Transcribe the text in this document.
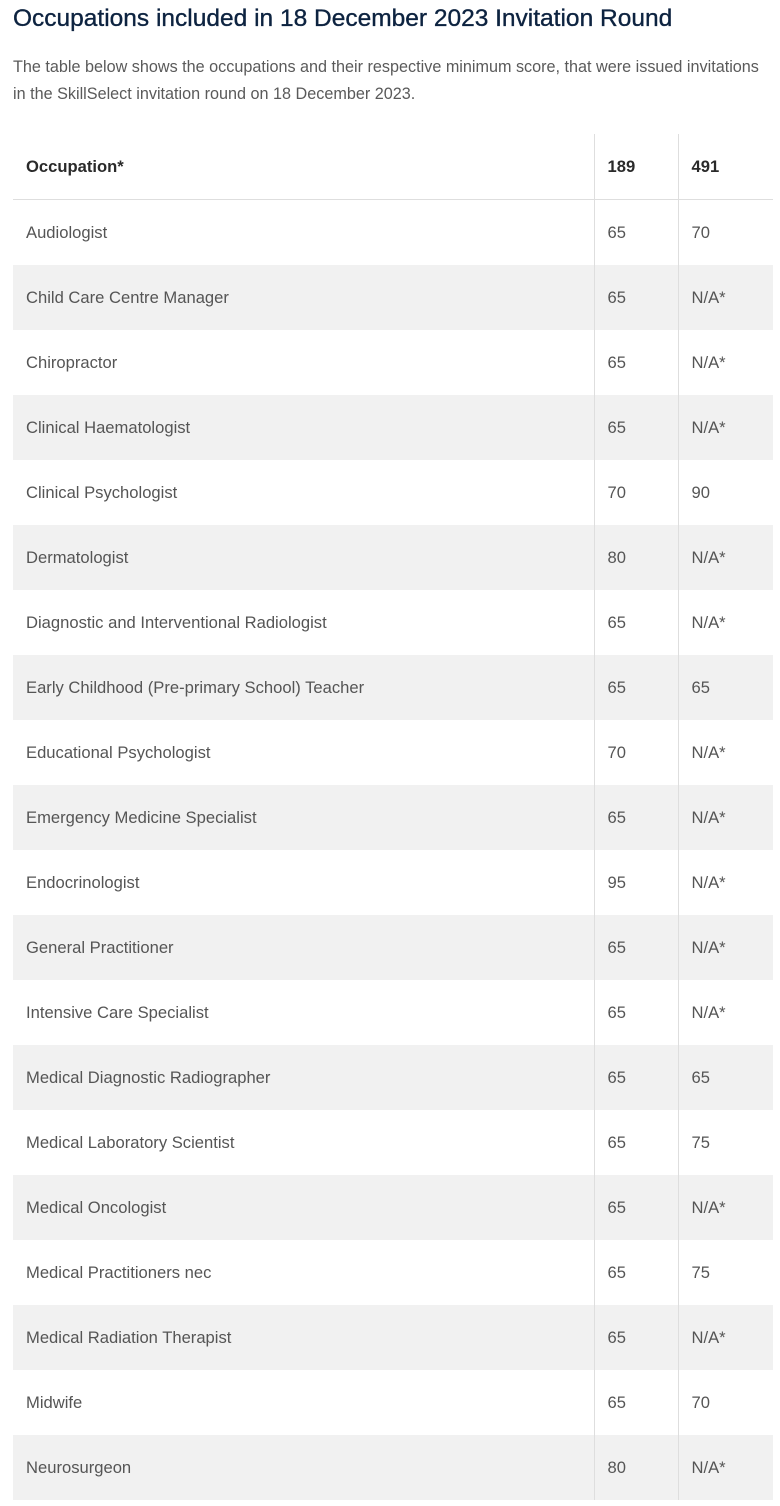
Occupations included in 18 December 2023 Invitation Round

The table below shows the occupations and their respective minimum score, that were issued invitations in the SkillSelect invitation round on 18 December 2023.

Occupation*	189	491
Audiologist	65	70
Child Care Centre Manager	65	N/A*
Chiropractor	65	N/A*
Clinical Haematologist	65	N/A*
Clinical Psychologist	70	90
Dermatologist	80	N/A*
Diagnostic and Interventional Radiologist	65	N/A*
Early Childhood (Pre-primary School) Teacher	65	65
Educational Psychologist	70	N/A*
Emergency Medicine Specialist	65	N/A*
Endocrinologist	95	N/A*
General Practitioner	65	N/A*
Intensive Care Specialist	65	N/A*
Medical Diagnostic Radiographer	65	65
Medical Laboratory Scientist	65	75
Medical Oncologist	65	N/A*
Medical Practitioners nec	65	75
Medical Radiation Therapist	65	N/A*
Midwife	65	70
Neurosurgeon	80	N/A*
